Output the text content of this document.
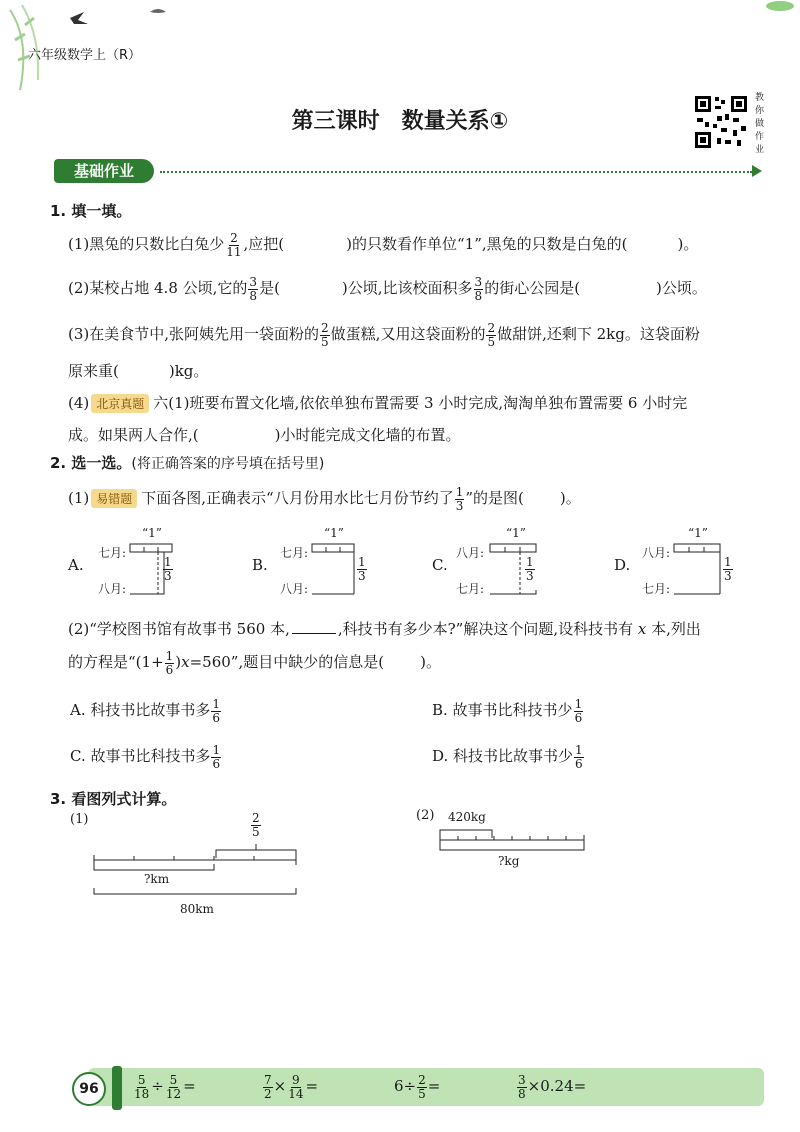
六年级数学上（R）
第三课时　数量关系①
教你做作业
基础作业
1. 填一填。
(1)黑兔的只数比白兔少 $\frac{2}{11}$ ,应把(	)的只数看作单位“1”,黑兔的只数是白兔的(	)。
(2)某校占地 4.8 公顷,它的 $\frac{3}{8}$ 是(	)公顷,比该校面积多 $\frac{3}{8}$ 的街心公园是(	)公顷。
(3)在美食节中,张阿姨先用一袋面粉的 $\frac{2}{5}$ 做蛋糕,又用这袋面粉的 $\frac{2}{5}$ 做甜饼,还剩下 2kg。这袋面粉
原来重(	)kg。
(4) 北京真题 六(1)班要布置文化墙,依依单独布置需要 3 小时完成,淘淘单独布置需要 6 小时完
成。如果两人合作,(	)小时能完成文化墙的布置。
2. 选一选。(将正确答案的序号填在括号里)
(1) 易错题 下面各图,正确表示“八月份用水比七月份节约了 $\frac{1}{3}$ ”的是图( )。
A.
七月:
八月:
“1”
$\frac{1}{3}$	B.
七月:
八月:
“1”
$\frac{1}{3}$	C.
八月:
七月:
“1”
$\frac{1}{3}$	D.
八月:
七月:
“1”
$\frac{1}{3}$
(2)“学校图书馆有故事书 560 本,	,科技书有多少本?”解决这个问题,设科技书有 x 本,列出
的方程是“$(1+ \frac{1}{6} )x=560$”,题目中缺少的信息是( )。
A. 科技书比故事书多 $\frac{1}{6}$	B. 故事书比科技书少 $\frac{1}{6}$
C. 故事书比科技书多 $\frac{1}{6}$	D. 科技书比故事书少 $\frac{1}{6}$
3. 看图列式计算。
(1)	$\frac{2}{5}$
?km
80km
(2) 420kg
?kg
96	$\frac{5}{18} \div \frac{5}{12}$ =	$\frac{7}{2} \times \frac{9}{14}$ =	$6\div \frac{2}{5}$ =	$\frac{3}{8} \times 0.24=$
